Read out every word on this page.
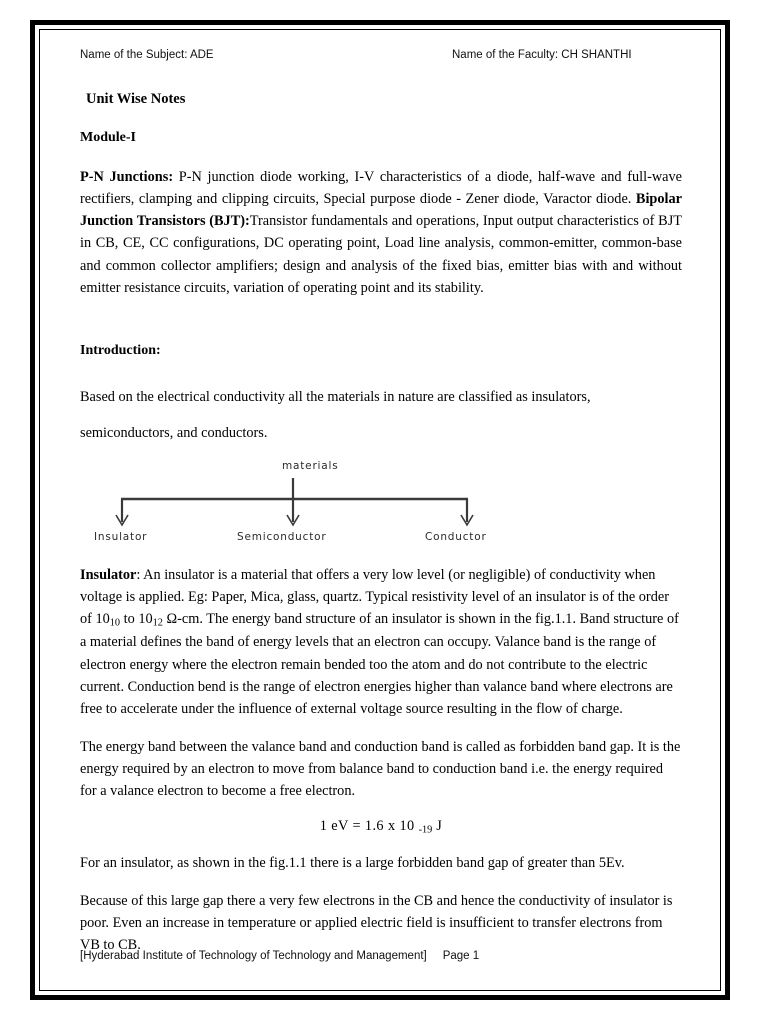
Name of the Subject: ADE	Name of the Faculty: CH SHANTHI
Unit Wise Notes
Module-I

P-N Junctions: P-N junction diode working, I-V characteristics of a diode, half-wave and full-wave rectifiers, clamping and clipping circuits, Special purpose diode - Zener diode, Varactor diode. Bipolar Junction Transistors (BJT):Transistor fundamentals and operations, Input output characteristics of BJT in CB, CE, CC configurations, DC operating point, Load line analysis, common-emitter, common-base and common collector amplifiers; design and analysis of the fixed bias, emitter bias with and without emitter resistance circuits, variation of operating point and its stability.

Introduction:

Based on the electrical conductivity all the materials in nature are classified as insulators,

semiconductors, and conductors.

materials
Insulator	Semiconductor	Conductor

Insulator: An insulator is a material that offers a very low level (or negligible) of conductivity when voltage is applied. Eg: Paper, Mica, glass, quartz. Typical resistivity level of an insulator is of the order of $10_{10}$ to $10_{12}$ Ω-cm. The energy band structure of an insulator is shown in the fig.1.1. Band structure of a material defines the band of energy levels that an electron can occupy. Valance band is the range of electron energy where the electron remain bended too the atom and do not contribute to the electric current. Conduction bend is the range of electron energies higher than valance band where electrons are free to accelerate under the influence of external voltage source resulting in the flow of charge.

The energy band between the valance band and conduction band is called as forbidden band gap. It is the energy required by an electron to move from balance band to conduction band i.e. the energy required for a valance electron to become a free electron.

1 eV = 1.6 x 10 $_{-19}$ J

For an insulator, as shown in the fig.1.1 there is a large forbidden band gap of greater than 5Ev.

Because of this large gap there a very few electrons in the CB and hence the conductivity of insulator is poor. Even an increase in temperature or applied electric field is insufficient to transfer electrons from VB to CB.

[Hyderabad Institute of Technology of Technology and Management]     Page 1
